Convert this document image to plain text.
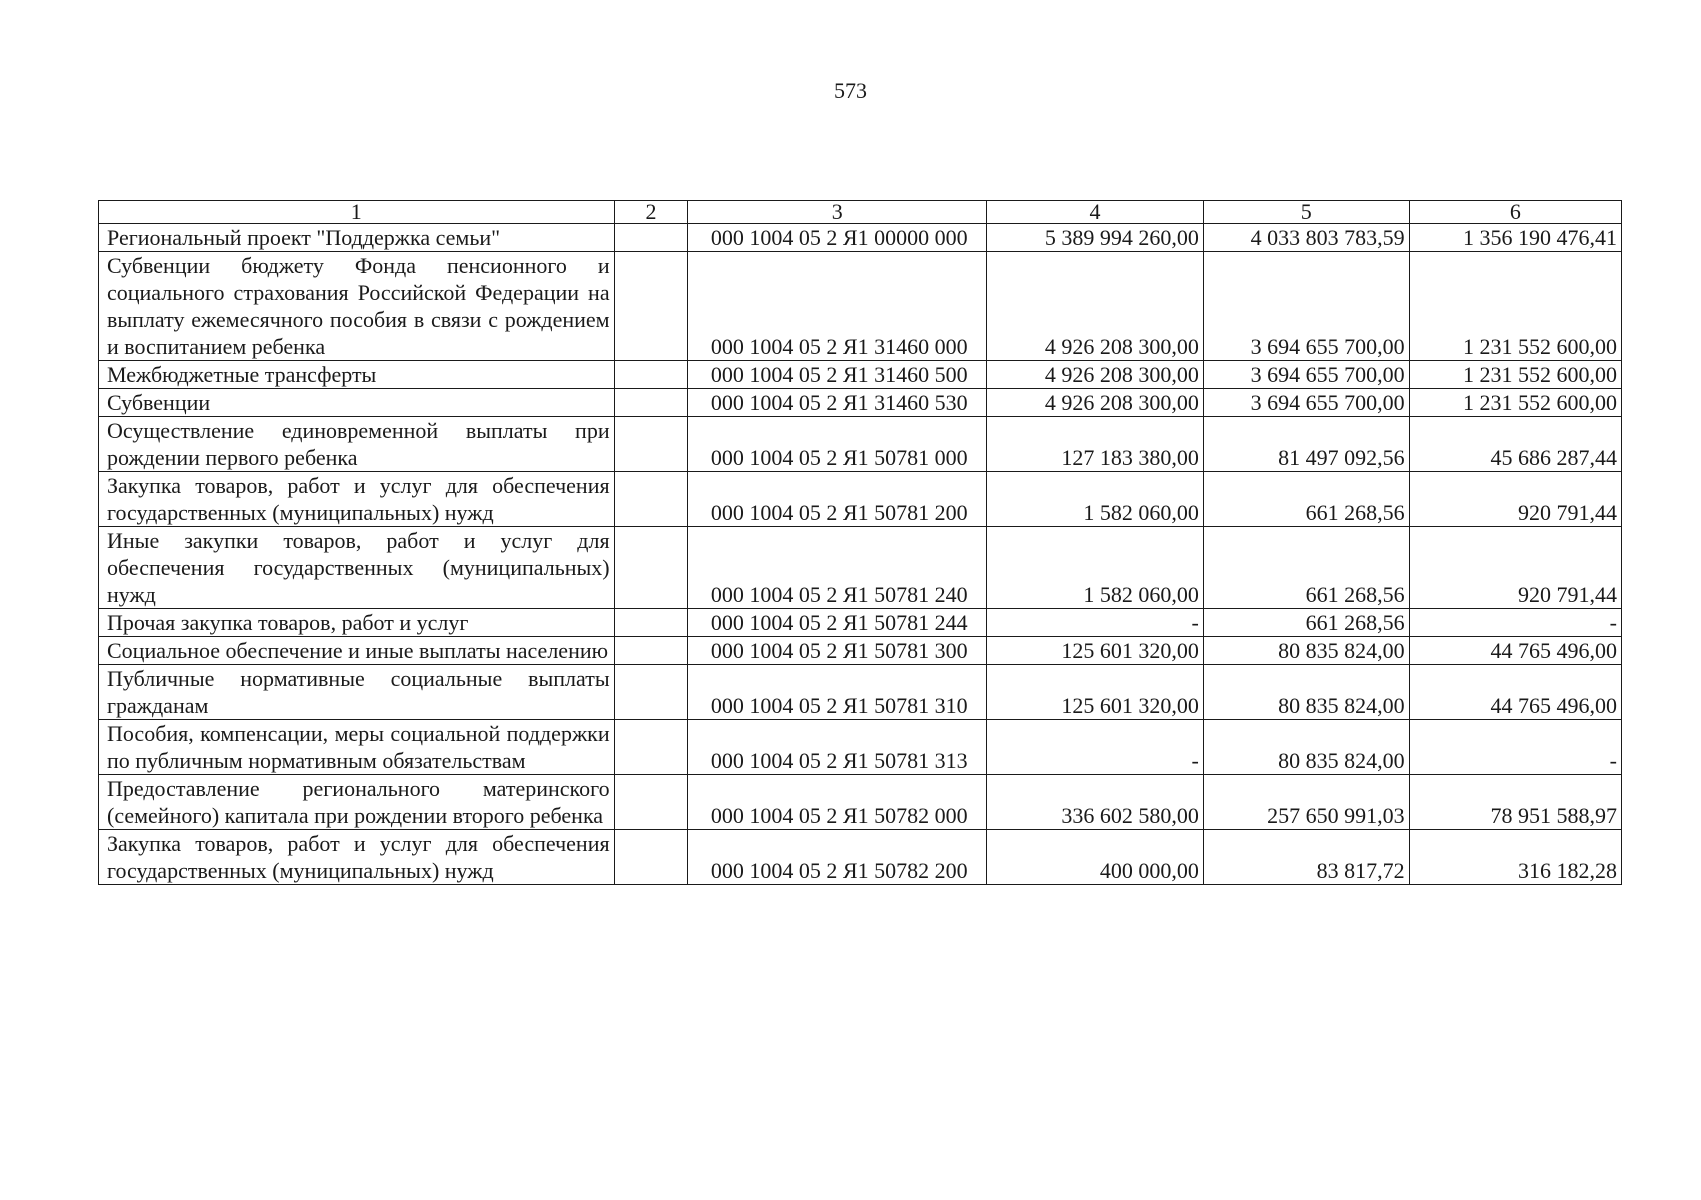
573
1	2	3	4	5	6
Региональный проект "Поддержка семьи"		000 1004 05 2 Я1 00000 000	5 389 994 260,00	4 033 803 783,59	1 356 190 476,41
Субвенции бюджету Фонда пенсионного и социального страхования Российской Федерации на выплату ежемесячного пособия в связи с рождением и воспитанием ребенка		000 1004 05 2 Я1 31460 000	4 926 208 300,00	3 694 655 700,00	1 231 552 600,00
Межбюджетные трансферты		000 1004 05 2 Я1 31460 500	4 926 208 300,00	3 694 655 700,00	1 231 552 600,00
Субвенции		000 1004 05 2 Я1 31460 530	4 926 208 300,00	3 694 655 700,00	1 231 552 600,00
Осуществление единовременной выплаты при рождении первого ребенка		000 1004 05 2 Я1 50781 000	127 183 380,00	81 497 092,56	45 686 287,44
Закупка товаров, работ и услуг для обеспечения государственных (муниципальных) нужд		000 1004 05 2 Я1 50781 200	1 582 060,00	661 268,56	920 791,44
Иные закупки товаров, работ и услуг для обеспечения государственных (муниципальных) нужд		000 1004 05 2 Я1 50781 240	1 582 060,00	661 268,56	920 791,44
Прочая закупка товаров, работ и услуг		000 1004 05 2 Я1 50781 244	-	661 268,56	-
Социальное обеспечение и иные выплаты населению		000 1004 05 2 Я1 50781 300	125 601 320,00	80 835 824,00	44 765 496,00
Публичные нормативные социальные выплаты гражданам		000 1004 05 2 Я1 50781 310	125 601 320,00	80 835 824,00	44 765 496,00
Пособия, компенсации, меры социальной поддержки по публичным нормативным обязательствам		000 1004 05 2 Я1 50781 313	-	80 835 824,00	-
Предоставление регионального материнского (семейного) капитала при рождении второго ребенка		000 1004 05 2 Я1 50782 000	336 602 580,00	257 650 991,03	78 951 588,97
Закупка товаров, работ и услуг для обеспечения государственных (муниципальных) нужд		000 1004 05 2 Я1 50782 200	400 000,00	83 817,72	316 182,28
